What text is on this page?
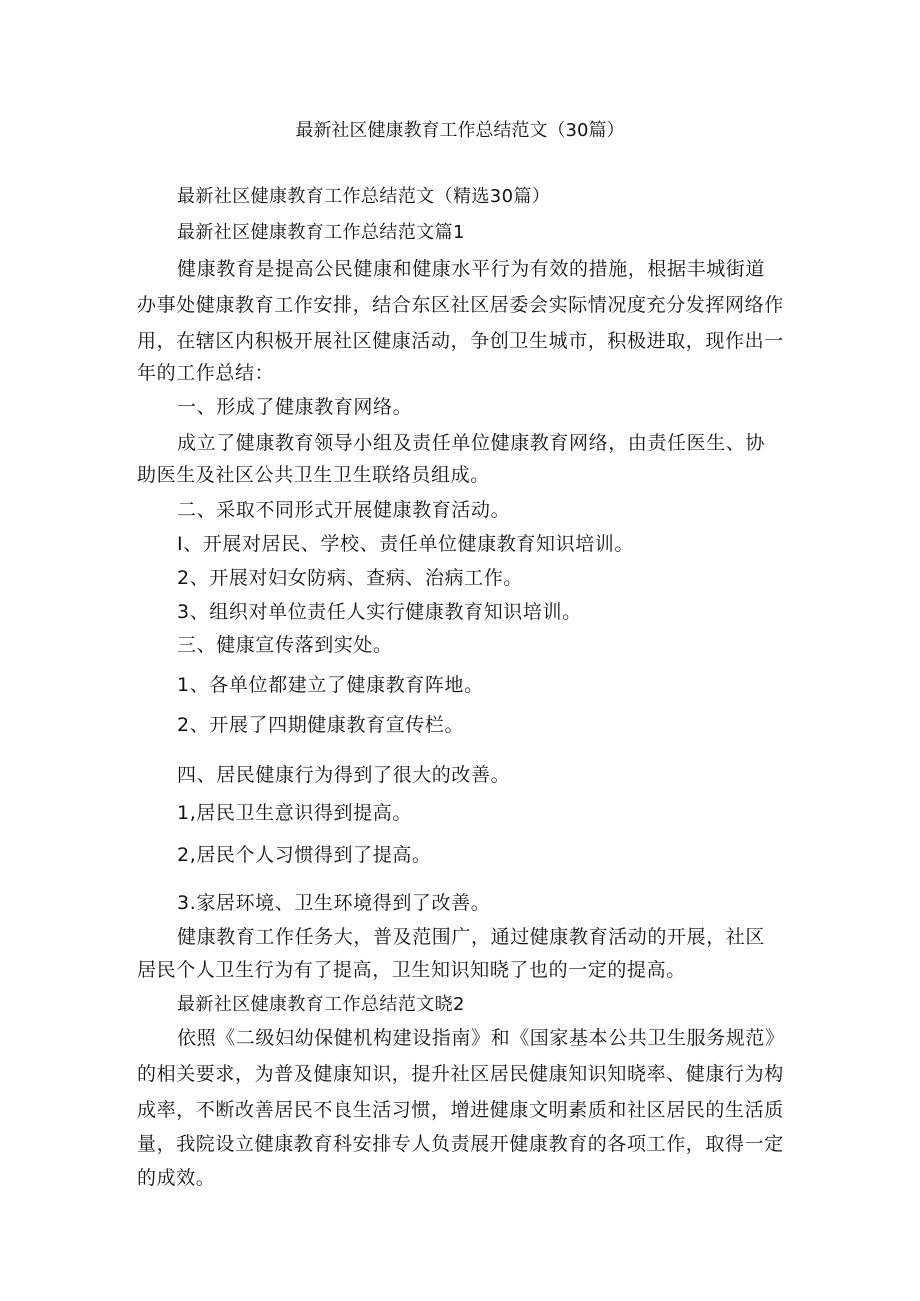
最新社区健康教育工作总结范文（30篇）
最新社区健康教育工作总结范文（精选30篇）
最新社区健康教育工作总结范文篇1
健康教育是提高公民健康和健康水平行为有效的措施，根据丰城街道
办事处健康教育工作安排，结合东区社区居委会实际情况度充分发挥网络作
用，在辖区内积极开展社区健康活动，争创卫生城市，积极进取，现作出一
年的工作总结：
一、形成了健康教育网络。
成立了健康教育领导小组及责任单位健康教育网络，由责任医生、协
助医生及社区公共卫生卫生联络员组成。
二、采取不同形式开展健康教育活动。
I、开展对居民、学校、责任单位健康教育知识培训。
2、开展对妇女防病、查病、治病工作。
3、组织对单位责任人实行健康教育知识培训。
三、健康宣传落到实处。
1、各单位都建立了健康教育阵地。
2、开展了四期健康教育宣传栏。
四、居民健康行为得到了很大的改善。
1,居民卫生意识得到提高。
2,居民个人习惯得到了提高。
3.家居环境、卫生环境得到了改善。
健康教育工作任务大，普及范围广，通过健康教育活动的开展，社区
居民个人卫生行为有了提高，卫生知识知晓了也的一定的提高。
最新社区健康教育工作总结范文晓2
依照《二级妇幼保健机构建设指南》和《国家基本公共卫生服务规范》
的相关要求，为普及健康知识，提升社区居民健康知识知晓率、健康行为构
成率，不断改善居民不良生活习惯，增进健康文明素质和社区居民的生活质
量，我院设立健康教育科安排专人负责展开健康教育的各项工作，取得一定
的成效。
